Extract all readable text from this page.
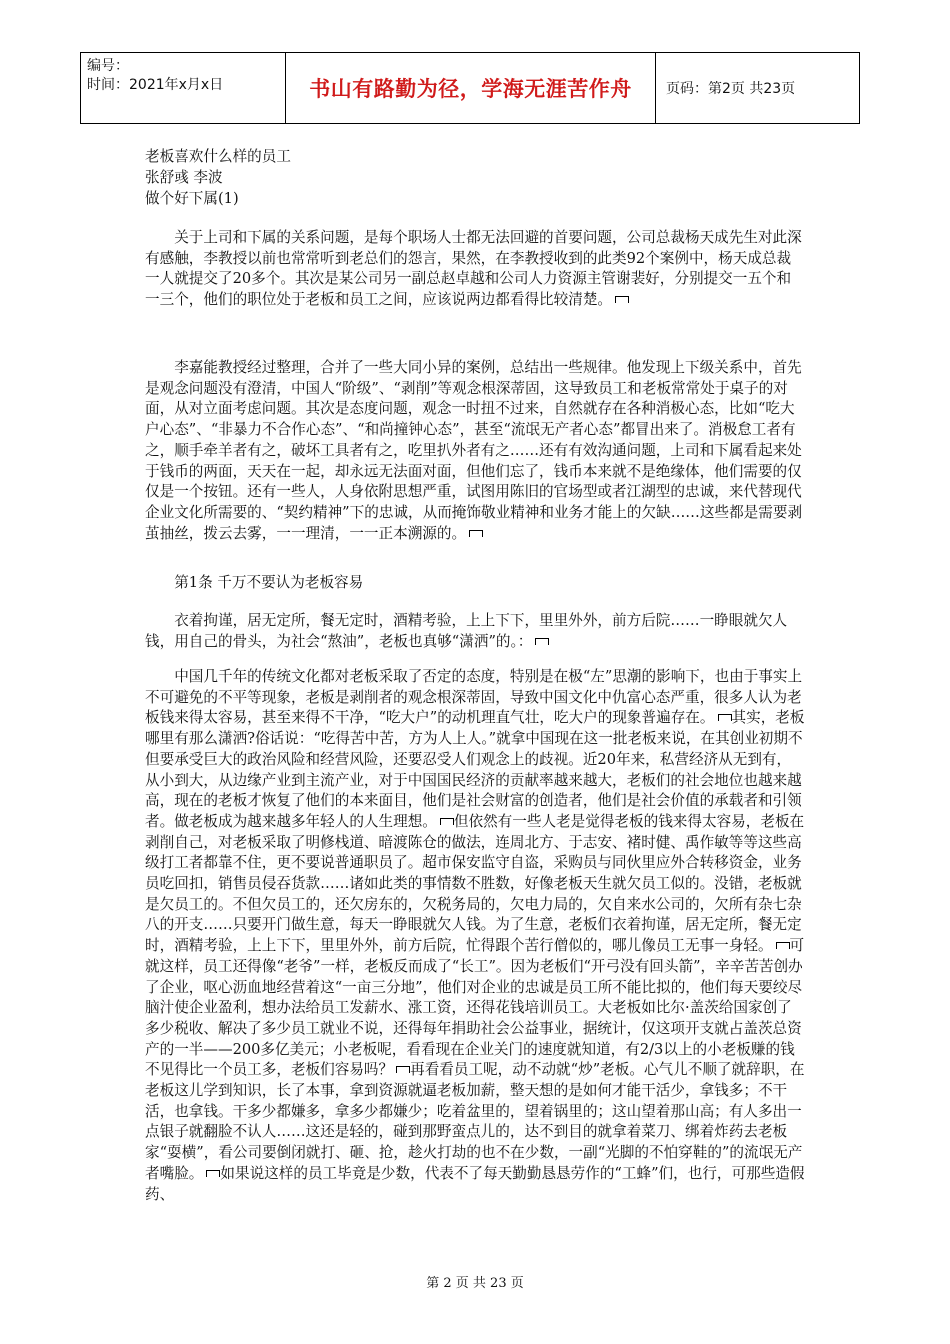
编号：
时间：2021年x月x日	书山有路勤为径，学海无涯苦作舟	页码：第2页 共23页

老板喜欢什么样的员工

张舒彧 李波

做个好下属(1)

关于上司和下属的关系问题，是每个职场人士都无法回避的首要问题，公司总裁杨天成先生对此深有感触，李教授以前也常常听到老总们的怨言，果然，在李教授收到的此类92个案例中，杨天成总裁一人就提交了20多个。其次是某公司另一副总赵卓越和公司人力资源主管谢裴好，分别提交一五个和一三个，他们的职位处于老板和员工之间，应该说两边都看得比较清楚。

李嘉能教授经过整理，合并了一些大同小异的案例，总结出一些规律。他发现上下级关系中，首先是观念问题没有澄清，中国人“阶级”、“剥削”等观念根深蒂固，这导致员工和老板常常处于桌子的对面，从对立面考虑问题。其次是态度问题，观念一时扭不过来，自然就存在各种消极心态，比如“吃大户心态”、“非暴力不合作心态”、“和尚撞钟心态”，甚至“流氓无产者心态”都冒出来了。消极怠工者有之，顺手牵羊者有之，破坏工具者有之，吃里扒外者有之……还有有效沟通问题，上司和下属看起来处于钱币的两面，天天在一起，却永远无法面对面，但他们忘了，钱币本来就不是绝缘体，他们需要的仅仅是一个按钮。还有一些人，人身依附思想严重，试图用陈旧的官场型或者江湖型的忠诚，来代替现代企业文化所需要的、“契约精神”下的忠诚，从而掩饰敬业精神和业务才能上的欠缺……这些都是需要剥茧抽丝，拨云去雾，一一理清，一一正本溯源的。

第1条 千万不要认为老板容易

衣着拘谨，居无定所，餐无定时，酒精考验，上上下下，里里外外，前方后院……一睁眼就欠人钱，用自己的骨头，为社会“熬油”，老板也真够“潇洒”的。：

中国几千年的传统文化都对老板采取了否定的态度，特别是在极“左”思潮的影响下，也由于事实上不可避免的不平等现象，老板是剥削者的观念根深蒂固，导致中国文化中仇富心态严重，很多人认为老板钱来得太容易，甚至来得不干净，“吃大户”的动机理直气壮，吃大户的现象普遍存在。 其实，老板哪里有那么潇洒?俗话说：“吃得苦中苦，方为人上人。”就拿中国现在这一批老板来说，在其创业初期不但要承受巨大的政治风险和经营风险，还要忍受人们观念上的歧视。近20年来，私营经济从无到有，从小到大，从边缘产业到主流产业，对于中国国民经济的贡献率越来越大，老板们的社会地位也越来越高，现在的老板才恢复了他们的本来面目，他们是社会财富的创造者，他们是社会价值的承载者和引领者。做老板成为越来越多年轻人的人生理想。 但依然有一些人老是觉得老板的钱来得太容易，老板在剥削自己，对老板采取了明修栈道、暗渡陈仓的做法，连周北方、于志安、褚时健、禹作敏等等这些高级打工者都靠不住，更不要说普通职员了。超市保安监守自盗，采购员与同伙里应外合转移资金，业务员吃回扣，销售员侵吞货款……诸如此类的事情数不胜数，好像老板天生就欠员工似的。没错，老板就是欠员工的。不但欠员工的，还欠房东的，欠税务局的，欠电力局的，欠自来水公司的，欠所有杂七杂八的开支……只要开门做生意，每天一睁眼就欠人钱。为了生意，老板们衣着拘谨，居无定所，餐无定时，酒精考验，上上下下，里里外外，前方后院，忙得跟个苦行僧似的，哪儿像员工无事一身轻。 可就这样，员工还得像“老爷”一样，老板反而成了“长工”。因为老板们“开弓没有回头箭”，辛辛苦苦创办了企业，呕心沥血地经营着这“一亩三分地”，他们对企业的忠诚是员工所不能比拟的，他们每天要绞尽脑汁使企业盈利，想办法给员工发薪水、涨工资，还得花钱培训员工。大老板如比尔·盖茨给国家创了多少税收、解决了多少员工就业不说，还得每年捐助社会公益事业，据统计，仅这项开支就占盖茨总资产的一半——200多亿美元；小老板呢，看看现在企业关门的速度就知道，有2/3以上的小老板赚的钱不见得比一个员工多，老板们容易吗？ 再看看员工呢，动不动就“炒”老板。心气儿不顺了就辞职，在老板这儿学到知识，长了本事，拿到资源就逼老板加薪，整天想的是如何才能干活少，拿钱多；不干活，也拿钱。干多少都嫌多，拿多少都嫌少；吃着盆里的，望着锅里的；这山望着那山高；有人多出一点银子就翻脸不认人……这还是轻的，碰到那野蛮点儿的，达不到目的就拿着菜刀、绑着炸药去老板家“耍横”，看公司要倒闭就打、砸、抢，趁火打劫的也不在少数，一副“光脚的不怕穿鞋的”的流氓无产者嘴脸。 如果说这样的员工毕竟是少数，代表不了每天勤勤恳恳劳作的“工蜂”们，也行，可那些造假药、

第 2 页 共 23 页
